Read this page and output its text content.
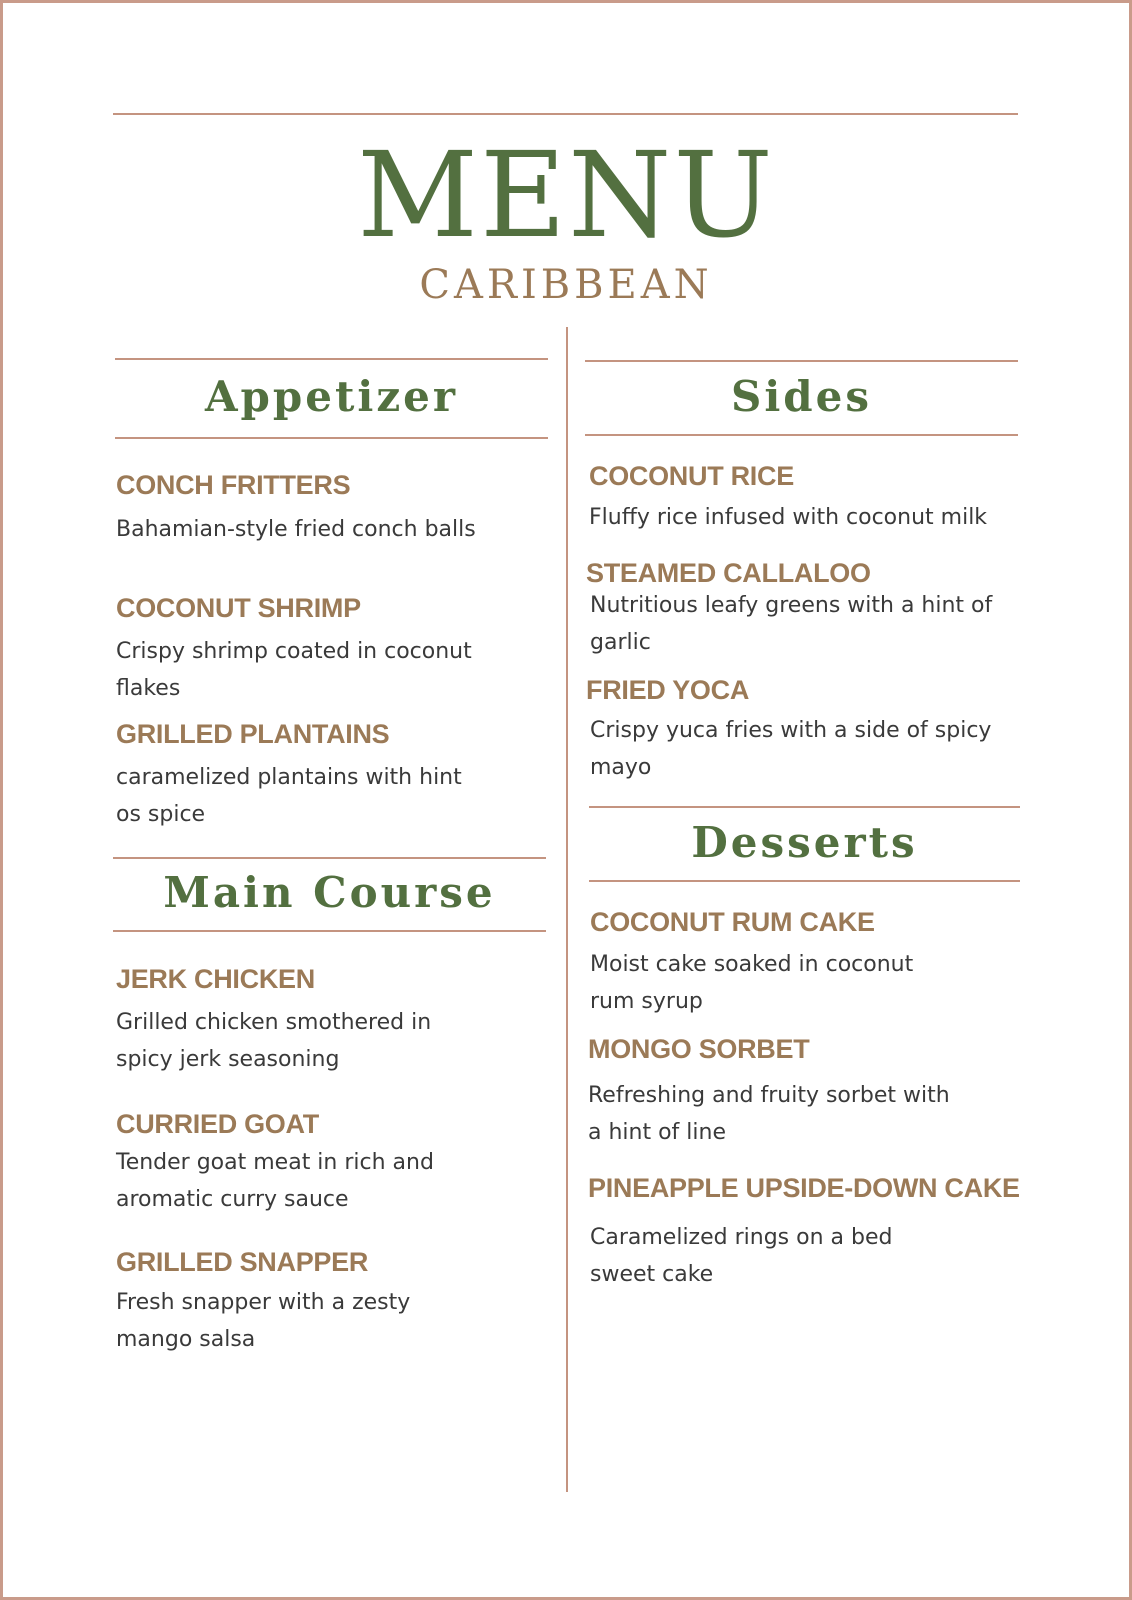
MENU
CARIBBEAN
Appetizer
CONCH FRITTERS
Bahamian-style fried conch balls
COCONUT SHRIMP
Crispy shrimp coated in coconut
flakes
GRILLED PLANTAINS
caramelized plantains with hint
os spice
Main Course
JERK CHICKEN
Grilled chicken smothered in
spicy jerk seasoning
CURRIED GOAT
Tender goat meat in rich and
aromatic curry sauce
GRILLED SNAPPER
Fresh snapper with a zesty
mango salsa
Sides
COCONUT RICE
Fluffy rice infused with coconut milk
STEAMED CALLALOO
Nutritious leafy greens with a hint of
garlic
FRIED YOCA
Crispy yuca fries with a side of spicy
mayo
Desserts
COCONUT RUM CAKE
Moist cake soaked in coconut
rum syrup
MONGO SORBET
Refreshing and fruity sorbet with
a hint of line
PINEAPPLE UPSIDE-DOWN CAKE
Caramelized rings on a bed
sweet cake
